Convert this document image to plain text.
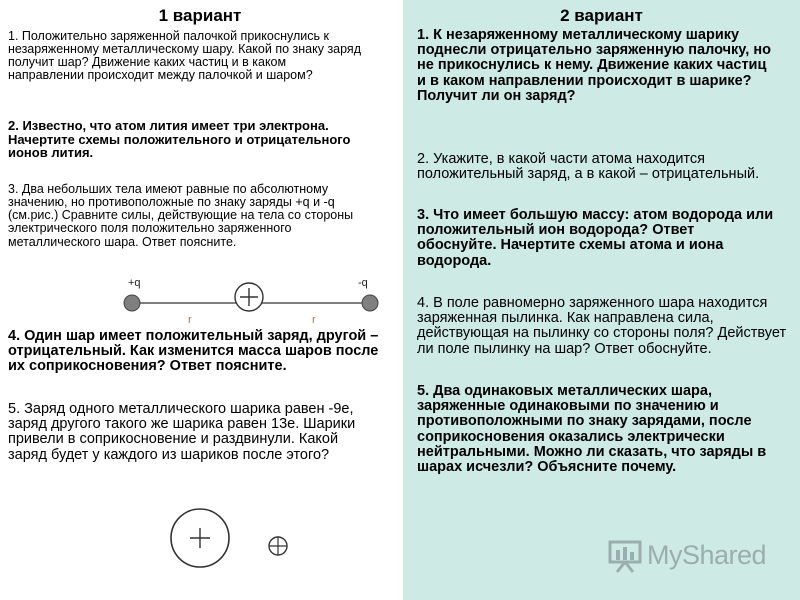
1 вариант

1. Положительно заряженной палочкой прикоснулись к незаряженному металлическому шару. Какой по знаку заряд получит шар? Движение каких частиц и в каком направлении происходит между палочкой и шаром?

2. Известно, что атом лития имеет три электрона. Начертите схемы положительного и отрицательного ионов лития.

3. Два небольших тела имеют равные по абсолютному значению, но противоположные по знаку заряды +q и -q (см.рис.) Сравните силы, действующие на тела со стороны электрического поля положительно заряженного металлического шара. Ответ поясните.

+q	-q
r	r

4. Один шар имеет положительный заряд, другой – отрицательный. Как изменится масса шаров после их соприкосновения? Ответ поясните.

5. Заряд одного металлического шарика равен -9е, заряд другого такого же шарика равен 13е. Шарики привели в соприкосновение и раздвинули. Какой заряд будет у каждого из шариков после этого?

2 вариант

1. К незаряженному металлическому шарику поднесли отрицательно заряженную палочку, но не прикоснулись к нему. Движение каких частиц и в каком направлении происходит в шарике? Получит ли он заряд?

2. Укажите, в какой части атома находится положительный заряд, а в какой – отрицательный.

3. Что имеет большую массу: атом водорода или положительный ион водорода? Ответ обоснуйте. Начертите схемы атома и иона водорода.

4. В поле равномерно заряженного шара находится заряженная пылинка. Как направлена сила, действующая на пылинку со стороны поля? Действует ли поле пылинку на шар? Ответ обоснуйте.

5. Два одинаковых металлических шара, заряженные одинаковыми по значению и противоположными по знаку зарядами, после соприкосновения оказались электрически нейтральными. Можно ли сказать, что заряды в шарах исчезли? Объясните почему.

MyShared
